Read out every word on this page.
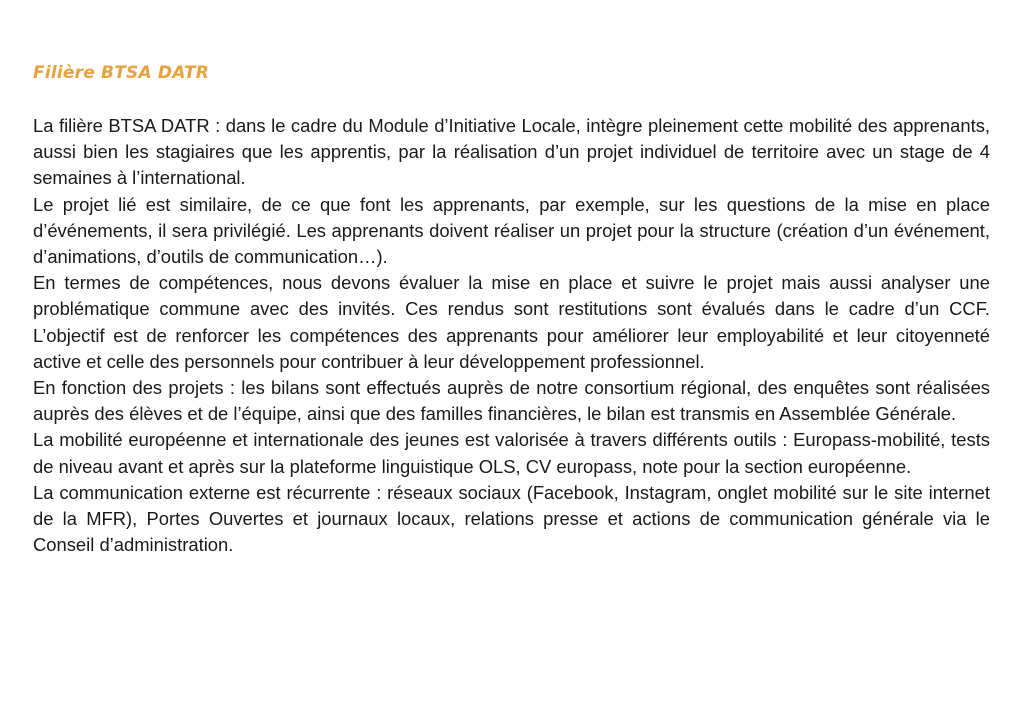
Filière BTSA DATR

La filière BTSA DATR : dans le cadre du Module d’Initiative Locale, intègre pleinement cette mobilité des apprenants, aussi bien les stagiaires que les apprentis, par la réalisation d’un projet individuel de territoire avec un stage de 4 semaines à l’international.

Le projet lié est similaire, de ce que font les apprenants, par exemple, sur les questions de la mise en place d’événements, il sera privilégié. Les apprenants doivent réaliser un projet pour la structure (création d’un événement, d’animations, d’outils de communication…).

En termes de compétences, nous devons évaluer la mise en place et suivre le projet mais aussi analyser une problématique commune avec des invités. Ces rendus sont restitutions sont évalués dans le cadre d’un CCF. L’objectif est de renforcer les compétences des apprenants pour améliorer leur employabilité et leur citoyenneté active et celle des personnels pour contribuer à leur développement professionnel.

En fonction des projets : les bilans sont effectués auprès de notre consortium régional, des enquêtes sont réalisées auprès des élèves et de l’équipe, ainsi que des familles financières, le bilan est transmis en Assemblée Générale.

La mobilité européenne et internationale des jeunes est valorisée à travers différents outils : Europass-mobilité, tests de niveau avant et après sur la plateforme linguistique OLS, CV europass, note pour la section européenne.

La communication externe est récurrente : réseaux sociaux (Facebook, Instagram, onglet mobilité sur le site internet de la MFR), Portes Ouvertes et journaux locaux, relations presse et actions de communication générale via le Conseil d’administration.
